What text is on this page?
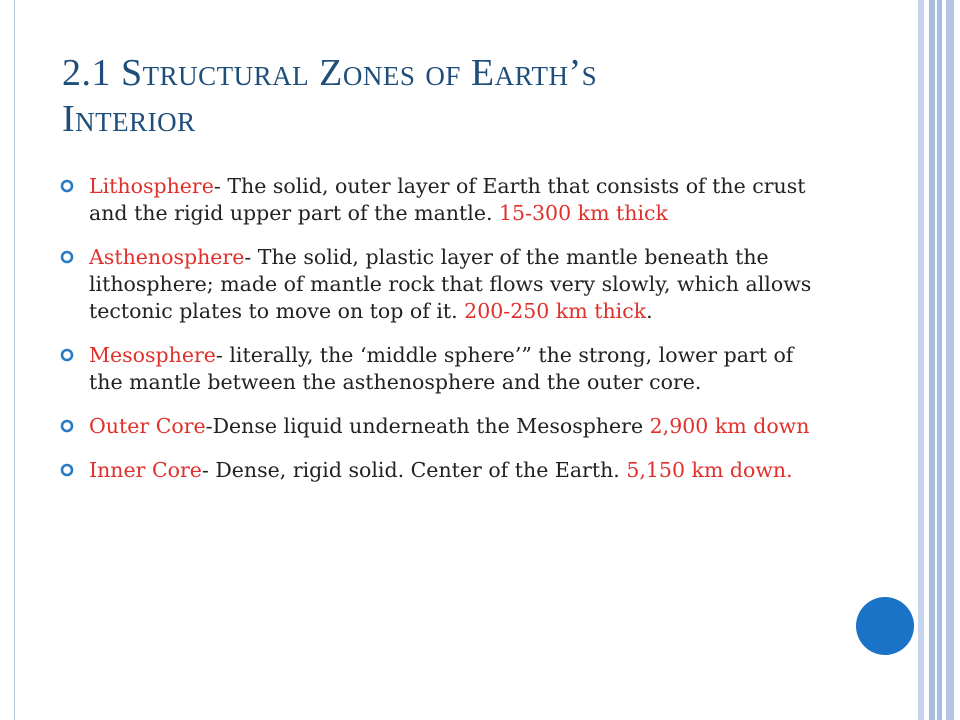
2.1 Structural Zones of Earth’s
Interior
Lithosphere- The solid, outer layer of Earth that consists of the crust and the rigid upper part of the mantle. 15-300 km thick
Asthenosphere- The solid, plastic layer of the mantle beneath the lithosphere; made of mantle rock that flows very slowly, which allows tectonic plates to move on top of it. 200-250 km thick.
Mesosphere- literally, the ‘middle sphere’” the strong, lower part of the mantle between the asthenosphere and the outer core.
Outer Core-Dense liquid underneath the Mesosphere 2,900 km down
Inner Core- Dense, rigid solid. Center of the Earth. 5,150 km down.
